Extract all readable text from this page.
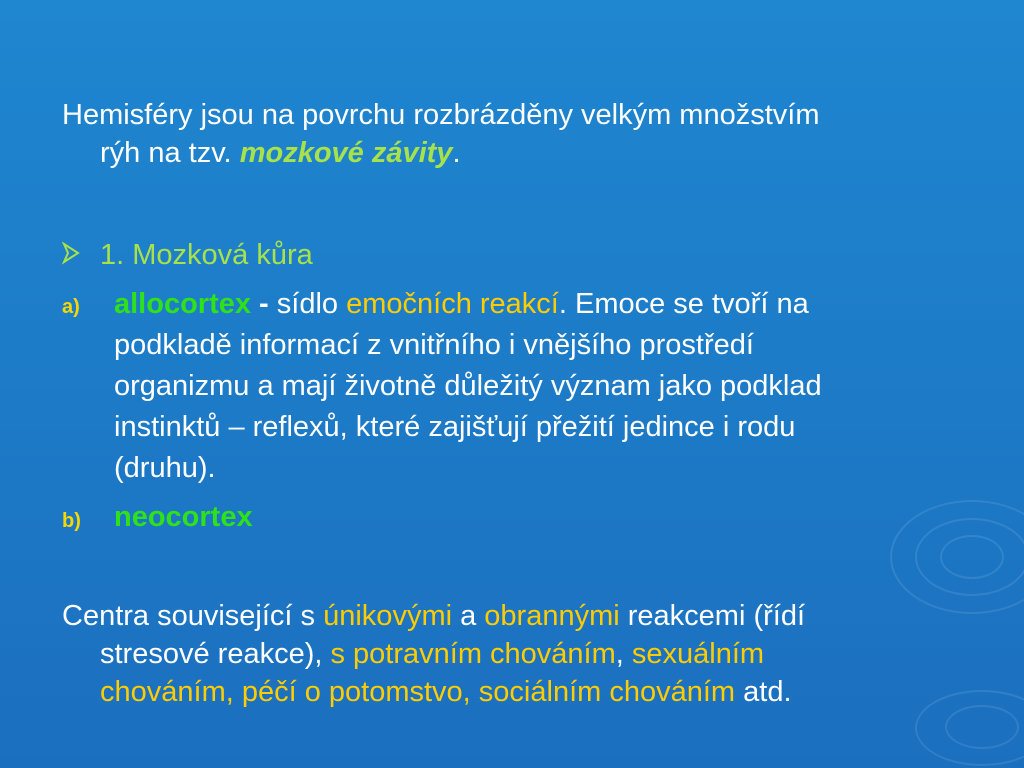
Hemisféry jsou na povrchu rozbrázděny velkým množstvím
rýh na tzv. mozkové závity.
1. Mozková kůra
a) allocortex - sídlo emočních reakcí. Emoce se tvoří na
podkladě informací z vnitřního i vnějšího prostředí
organizmu a mají životně důležitý význam jako podklad
instinktů – reflexů, které zajišťují přežití jedince i rodu
(druhu).
b) neocortex
Centra související s únikovými a obrannými reakcemi (řídí
stresové reakce), s potravním chováním, sexuálním
chováním, péčí o potomstvo, sociálním chováním atd.
